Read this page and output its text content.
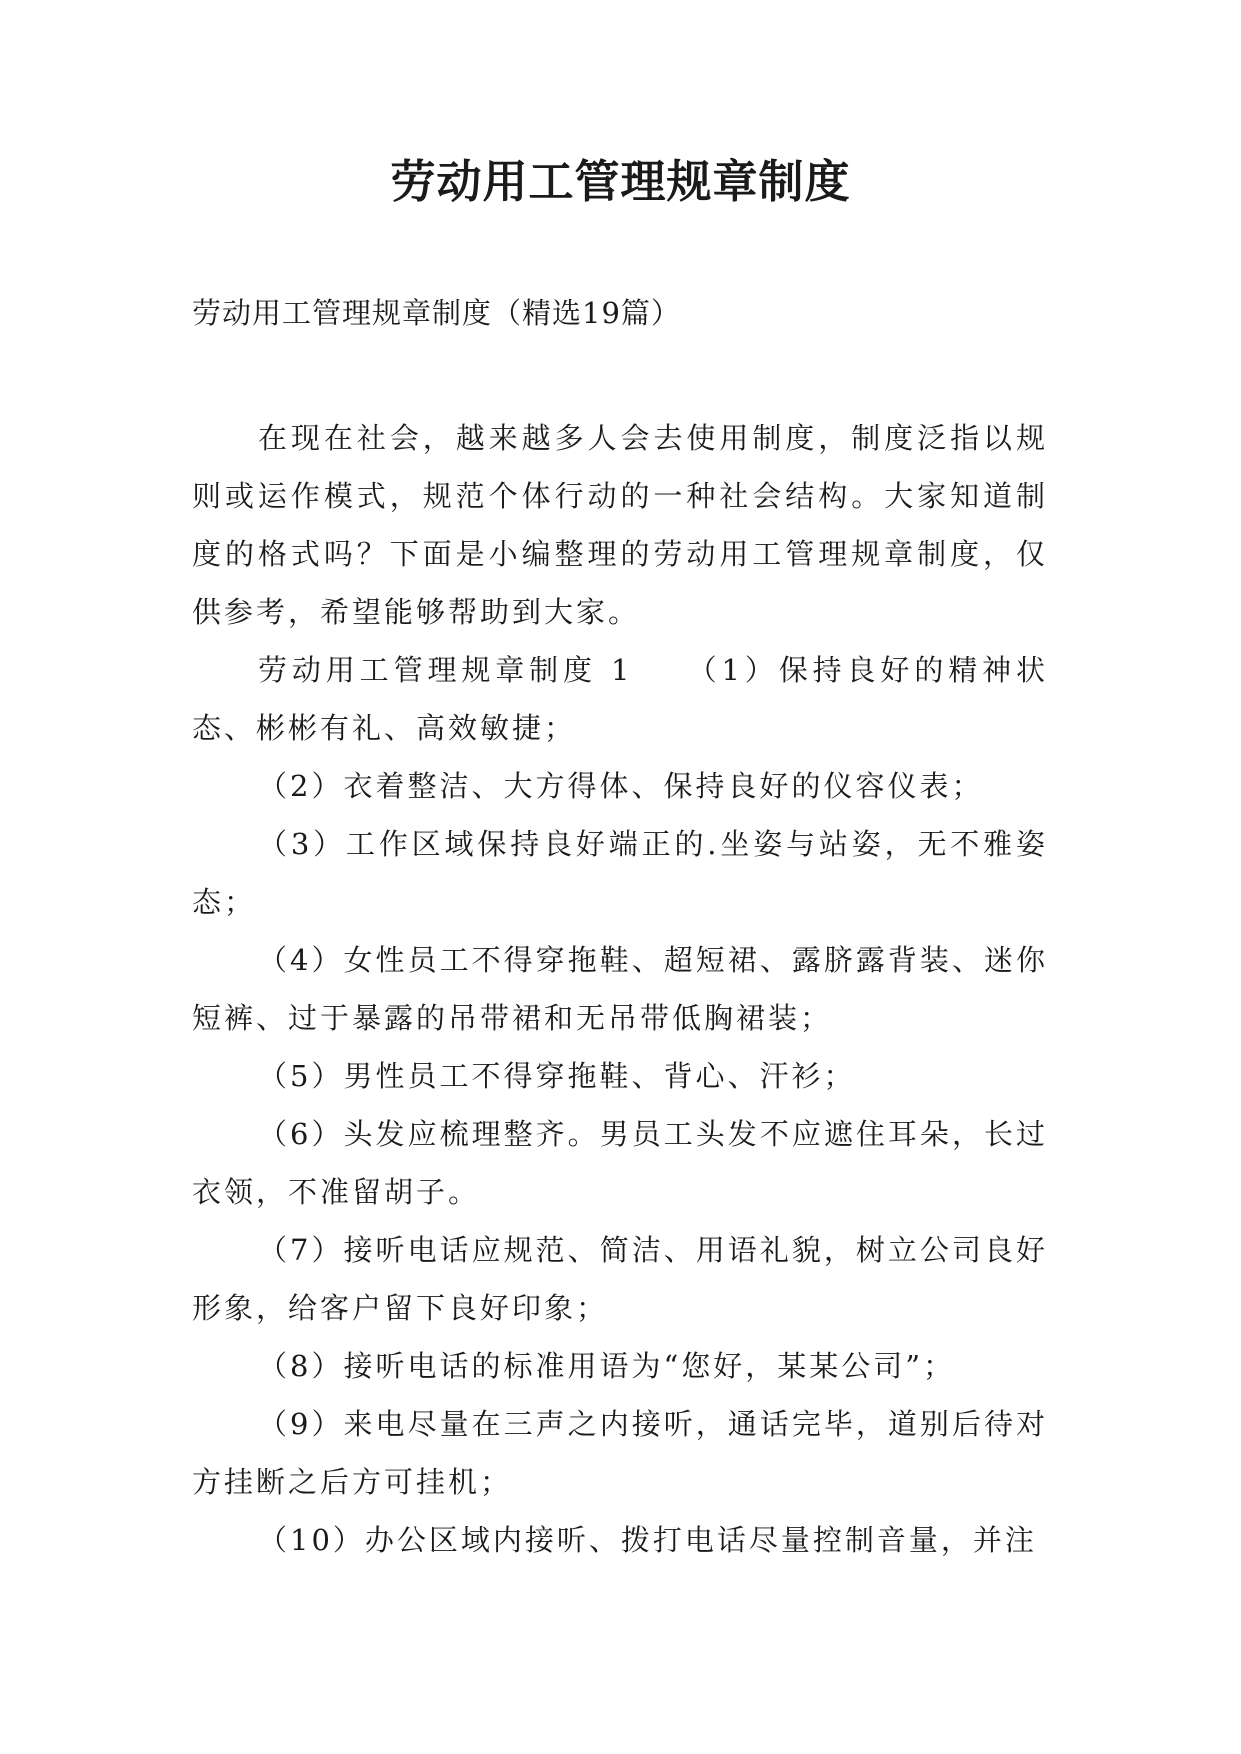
劳动用工管理规章制度

劳动用工管理规章制度（精选19篇）

在现在社会，越来越多人会去使用制度，制度泛指以规则或运作模式，规范个体行动的一种社会结构。大家知道制度的格式吗？下面是小编整理的劳动用工管理规章制度，仅供参考，希望能够帮助到大家。

劳动用工管理规章制度 1　　（1）保持良好的精神状态、彬彬有礼、高效敏捷；

（2）衣着整洁、大方得体、保持良好的仪容仪表；

（3）工作区域保持良好端正的.坐姿与站姿，无不雅姿态；

（4）女性员工不得穿拖鞋、超短裙、露脐露背装、迷你短裤、过于暴露的吊带裙和无吊带低胸裙装；

（5）男性员工不得穿拖鞋、背心、汗衫；

（6）头发应梳理整齐。男员工头发不应遮住耳朵，长过衣领，不准留胡子。

（7）接听电话应规范、简洁、用语礼貌，树立公司良好形象，给客户留下良好印象；

（8）接听电话的标准用语为“您好，某某公司”；

（9）来电尽量在三声之内接听，通话完毕，道别后待对方挂断之后方可挂机；

（10）办公区域内接听、拨打电话尽量控制音量，并注
